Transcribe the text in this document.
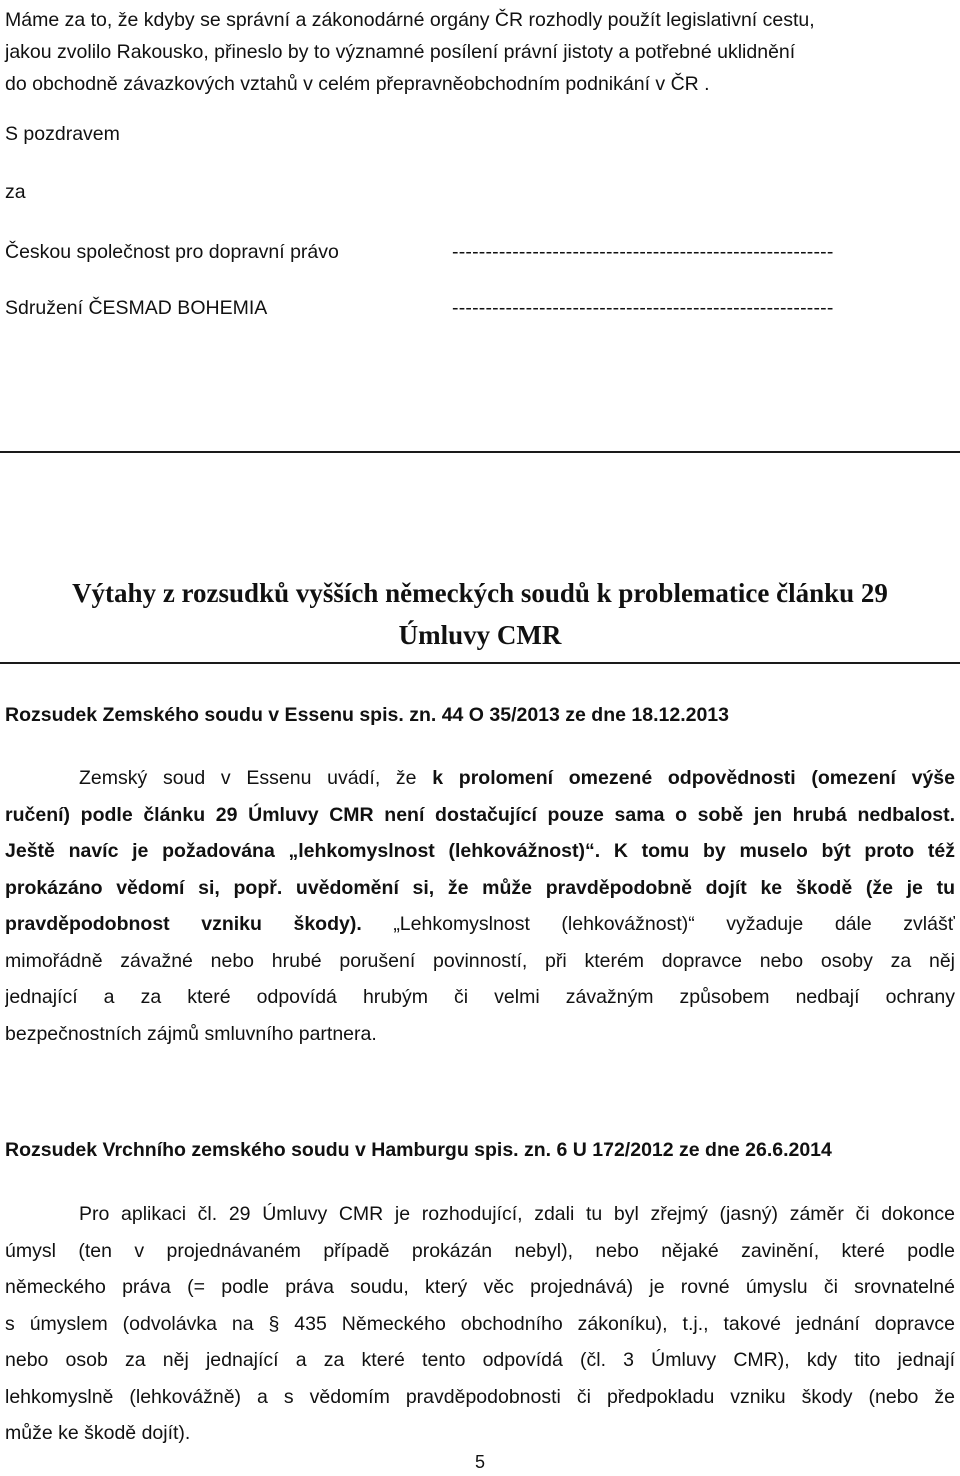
Máme za to, že kdyby se správní a zákonodárné orgány ČR rozhodly použít legislativní cestu,
jakou zvolilo Rakousko, přineslo by to významné posílení právní jistoty a potřebné uklidnění
do obchodně závazkových vztahů v celém přepravněobchodním podnikání v ČR .
S pozdravem
za
Českou společnost pro dopravní právo	---------------------------------------------------------
Sdružení ČESMAD BOHEMIA	---------------------------------------------------------
Výtahy z rozsudků vyšších německých soudů k problematice článku 29
Úmluvy CMR
Rozsudek Zemského soudu v Essenu spis. zn. 44 O 35/2013 ze dne 18.12.2013
Zemský soud v Essenu uvádí, že k prolomení omezené odpovědnosti (omezení výše
ručení) podle článku 29 Úmluvy CMR není dostačující pouze sama o sobě jen hrubá nedbalost.
Ještě navíc je požadována „lehkomyslnost (lehkovážnost)“. K tomu by muselo být proto též
prokázáno vědomí si, popř. uvědomění si, že může pravděpodobně dojít ke škodě (že je tu
pravděpodobnost vzniku škody). „Lehkomyslnost (lehkovážnost)“ vyžaduje dále zvlášť
mimořádně závažné nebo hrubé porušení povinností, při kterém dopravce nebo osoby za něj
jednající a za které odpovídá hrubým či velmi závažným způsobem nedbají ochrany
bezpečnostních zájmů smluvního partnera.
Rozsudek Vrchního zemského soudu v Hamburgu spis. zn. 6 U 172/2012 ze dne 26.6.2014
Pro aplikaci čl. 29 Úmluvy CMR je rozhodující, zdali tu byl zřejmý (jasný) záměr či dokonce
úmysl (ten v projednávaném případě prokázán nebyl), nebo nějaké zavinění, které podle
německého práva (= podle práva soudu, který věc projednává) je rovné úmyslu či srovnatelné
s úmyslem (odvolávka na § 435 Německého obchodního zákoníku), t.j., takové jednání dopravce
nebo osob za něj jednající a za které tento odpovídá (čl. 3 Úmluvy CMR), kdy tito jednají
lehkomyslně (lehkovážně) a s vědomím pravděpodobnosti či předpokladu vzniku škody (nebo že
může ke škodě dojít).
5
